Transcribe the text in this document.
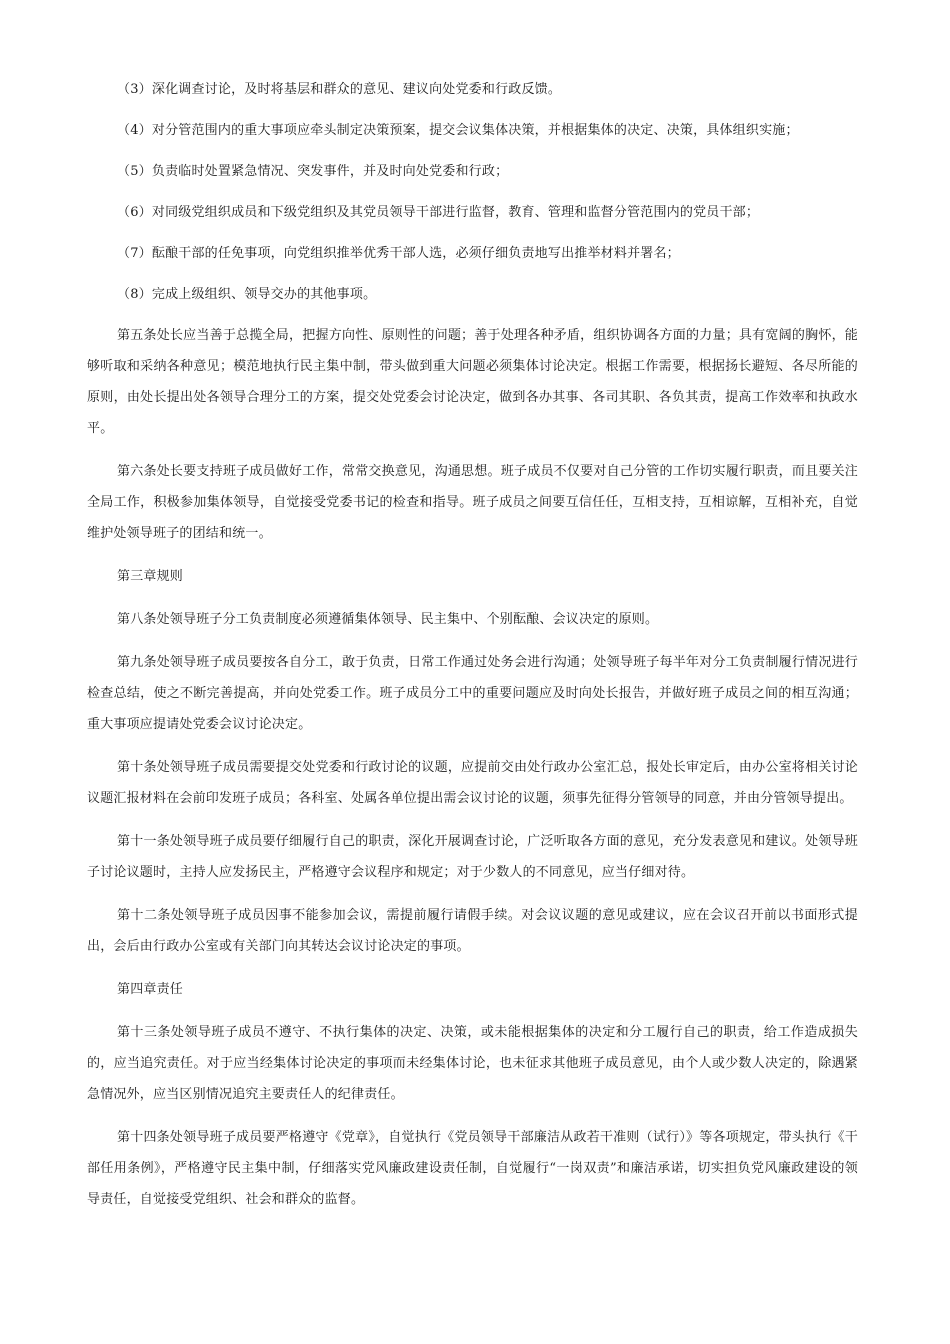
（3）深化调查讨论，及时将基层和群众的意见、建议向处党委和行政反馈。

（4）对分管范围内的重大事项应牵头制定决策预案，提交会议集体决策，并根据集体的决定、决策，具体组织实施；

（5）负责临时处置紧急情况、突发事件，并及时向处党委和行政；

（6）对同级党组织成员和下级党组织及其党员领导干部进行监督，教育、管理和监督分管范围内的党员干部；

（7）酝酿干部的任免事项，向党组织推举优秀干部人选，必须仔细负责地写出推举材料并署名；

（8）完成上级组织、领导交办的其他事项。

第五条处长应当善于总揽全局，把握方向性、原则性的问题；善于处理各种矛盾，组织协调各方面的力量；具有宽阔的胸怀，能够听取和采纳各种意见；模范地执行民主集中制，带头做到重大问题必须集体讨论决定。根据工作需要，根据扬长避短、各尽所能的原则，由处长提出处各领导合理分工的方案，提交处党委会讨论决定，做到各办其事、各司其职、各负其责，提高工作效率和执政水平。

第六条处长要支持班子成员做好工作，常常交换意见，沟通思想。班子成员不仅要对自己分管的工作切实履行职责，而且要关注全局工作，积极参加集体领导，自觉接受党委书记的检查和指导。班子成员之间要互信任任，互相支持，互相谅解，互相补充，自觉维护处领导班子的团结和统一。

第三章规则

第八条处领导班子分工负责制度必须遵循集体领导、民主集中、个别酝酿、会议决定的原则。

第九条处领导班子成员要按各自分工，敢于负责，日常工作通过处务会进行沟通；处领导班子每半年对分工负责制履行情况进行检查总结，使之不断完善提高，并向处党委工作。班子成员分工中的重要问题应及时向处长报告，并做好班子成员之间的相互沟通；重大事项应提请处党委会议讨论决定。

第十条处领导班子成员需要提交处党委和行政讨论的议题，应提前交由处行政办公室汇总，报处长审定后，由办公室将相关讨论议题汇报材料在会前印发班子成员；各科室、处属各单位提出需会议讨论的议题，须事先征得分管领导的同意，并由分管领导提出。

第十一条处领导班子成员要仔细履行自己的职责，深化开展调查讨论，广泛听取各方面的意见，充分发表意见和建议。处领导班子讨论议题时，主持人应发扬民主，严格遵守会议程序和规定；对于少数人的不同意见，应当仔细对待。

第十二条处领导班子成员因事不能参加会议，需提前履行请假手续。对会议议题的意见或建议，应在会议召开前以书面形式提出，会后由行政办公室或有关部门向其转达会议讨论决定的事项。

第四章责任

第十三条处领导班子成员不遵守、不执行集体的决定、决策，或未能根据集体的决定和分工履行自己的职责，给工作造成损失的，应当追究责任。对于应当经集体讨论决定的事项而未经集体讨论，也未征求其他班子成员意见，由个人或少数人决定的，除遇紧急情况外，应当区别情况追究主要责任人的纪律责任。

第十四条处领导班子成员要严格遵守《党章》，自觉执行《党员领导干部廉洁从政若干准则（试行）》等各项规定，带头执行《干部任用条例》，严格遵守民主集中制，仔细落实党风廉政建设责任制，自觉履行“一岗双责”和廉洁承诺，切实担负党风廉政建设的领导责任，自觉接受党组织、社会和群众的监督。
